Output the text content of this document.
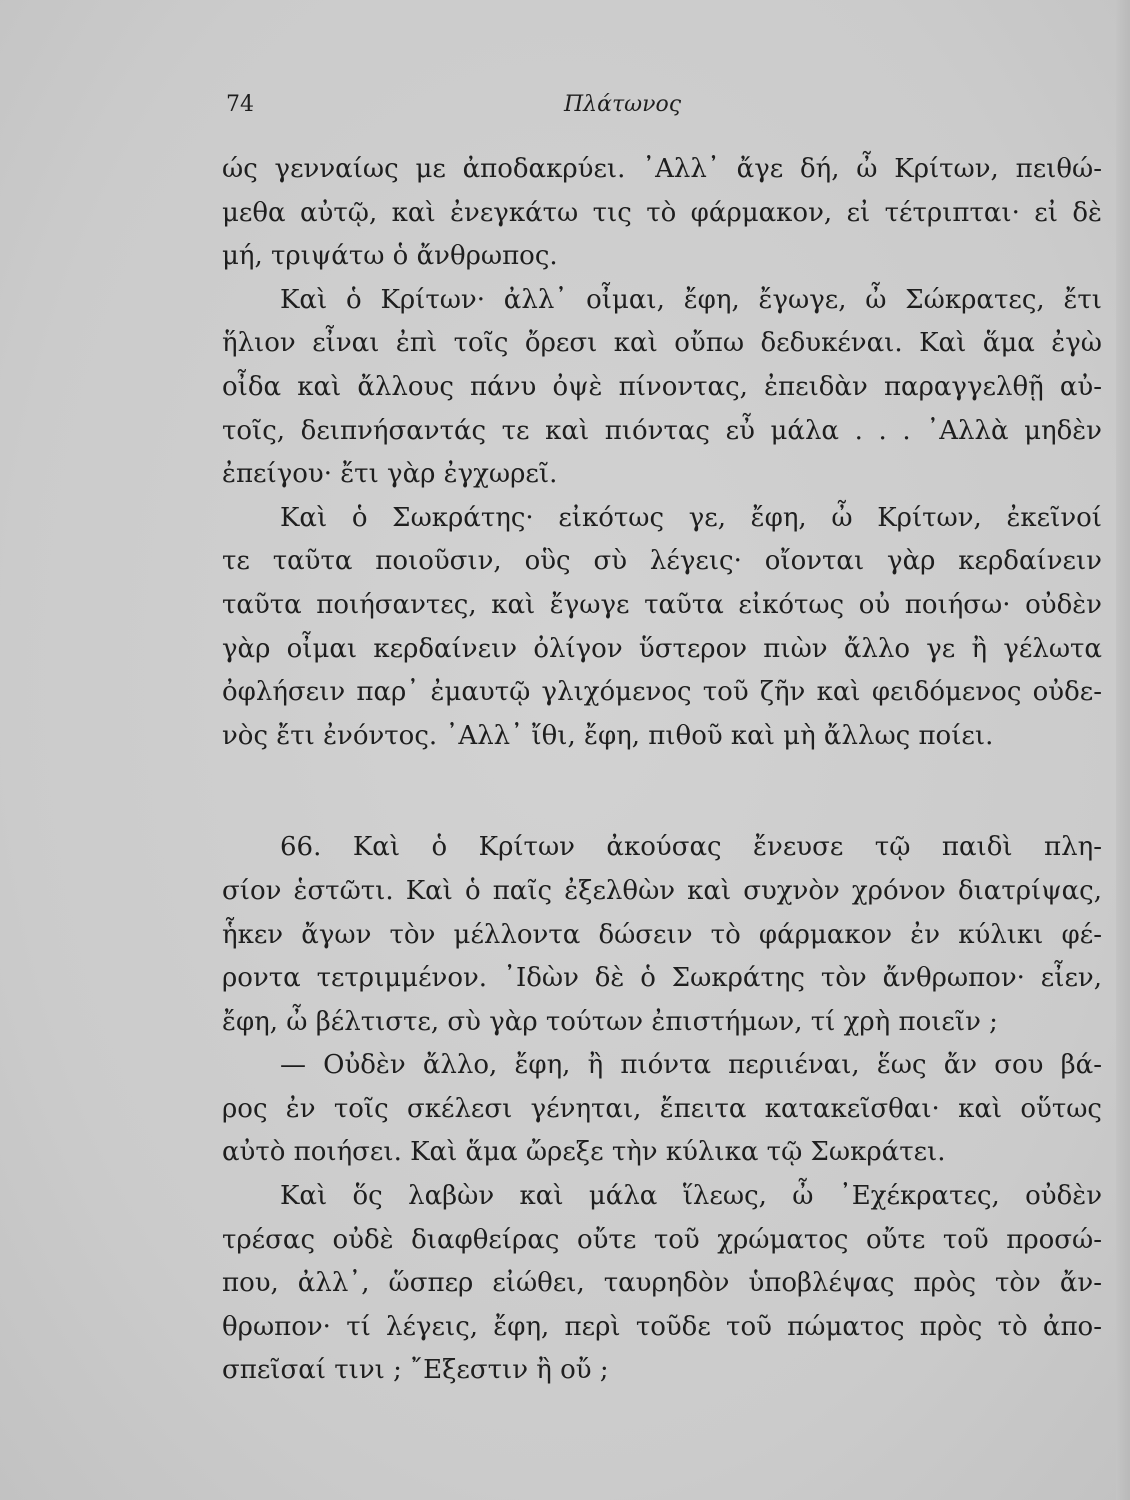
74	Πλάτωνος
ώς γενναίως με ἀποδακρύει. ᾿Αλλ᾿ ἄγε δή, ὦ Κρίτων, πειθώ-
μεθα αὐτῷ, καὶ ἐνεγκάτω τις τὸ φάρμακον, εἰ τέτριπται· εἰ δὲ
μή, τριψάτω ὁ ἄνθρωπος.
Καὶ ὁ Κρίτων· ἀλλ᾿ οἶμαι, ἔφη, ἔγωγε, ὦ Σώκρατες, ἔτι
ἥλιον εἶναι ἐπὶ τοῖς ὄρεσι καὶ οὔπω δεδυκέναι. Καὶ ἅμα ἐγὼ
οἶδα καὶ ἄλλους πάνυ ὀψὲ πίνοντας, ἐπειδὰν παραγγελθῇ αὐ-
τοῖς, δειπνήσαντάς τε καὶ πιόντας εὖ μάλα . . . ᾿Αλλὰ μηδὲν
ἐπείγου· ἔτι γὰρ ἐγχωρεῖ.
Καὶ ὁ Σωκράτης· εἰκότως γε, ἔφη, ὦ Κρίτων, ἐκεῖνοί
τε ταῦτα ποιοῦσιν, οὓς σὺ λέγεις· οἴονται γὰρ κερδαίνειν
ταῦτα ποιήσαντες, καὶ ἔγωγε ταῦτα εἰκότως οὐ ποιήσω· οὐδὲν
γὰρ οἶμαι κερδαίνειν ὀλίγον ὕστερον πιὼν ἄλλο γε ἢ γέλωτα
ὀφλήσειν παρ᾿ ἐμαυτῷ γλιχόμενος τοῦ ζῆν καὶ φειδόμενος οὐδε-
νὸς ἔτι ἐνόντος. ᾿Αλλ᾿ ἴθι, ἔφη, πιθοῦ καὶ μὴ ἄλλως ποίει.
66. Καὶ ὁ Κρίτων ἀκούσας ἔνευσε τῷ παιδὶ πλη-
σίον ἑστῶτι. Καὶ ὁ παῖς ἐξελθὼν καὶ συχνὸν χρόνον διατρίψας,
ἧκεν ἄγων τὸν μέλλοντα δώσειν τὸ φάρμακον ἐν κύλικι φέ-
ροντα τετριμμένον. ᾿Ιδὼν δὲ ὁ Σωκράτης τὸν ἄνθρωπον· εἶεν,
ἔφη, ὦ βέλτιστε, σὺ γὰρ τούτων ἐπιστήμων, τί χρὴ ποιεῖν ;
— Οὐδὲν ἄλλο, ἔφη, ἢ πιόντα περιιέναι, ἕως ἄν σου βά-
ρος ἐν τοῖς σκέλεσι γένηται, ἔπειτα κατακεῖσθαι· καὶ οὕτως
αὐτὸ ποιήσει. Καὶ ἅμα ὤρεξε τὴν κύλικα τῷ Σωκράτει.
Καὶ ὅς λαβὼν καὶ μάλα ἵλεως, ὦ ᾿Εχέκρατες, οὐδὲν
τρέσας οὐδὲ διαφθείρας οὔτε τοῦ χρώματος οὔτε τοῦ προσώ-
που, ἀλλ᾿, ὥσπερ εἰώθει, ταυρηδὸν ὑποβλέψας πρὸς τὸν ἄν-
θρωπον· τί λέγεις, ἔφη, περὶ τοῦδε τοῦ πώματος πρὸς τὸ ἀπο-
σπεῖσαί τινι ; ῎Εξεστιν ἢ οὔ ;
